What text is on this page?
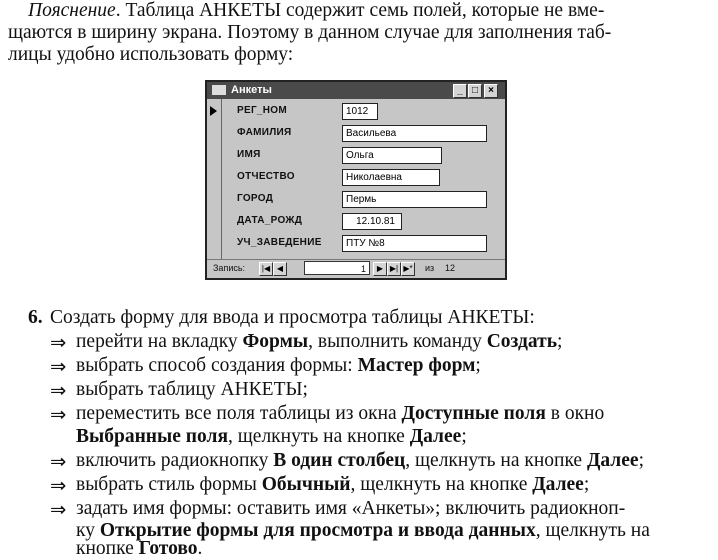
Пояснение. Таблица АНКЕТЫ содержит семь полей, которые не вме-
щаются в ширину экрана. Поэтому в данном случае для заполнения таб-
лицы удобно использовать форму:
Анкеты	_ □	×
РЕГ_НОМ	1012
ФАМИЛИЯ	Васильева
ИМЯ	Ольга
ОТЧЕСТВО	Николаевна
ГОРОД	Пермь
ДАТА_РОЖД	12.10.81
УЧ_ЗАВЕДЕНИЕ	ПТУ №8
Запись:	|◀ ◀	1	▶ ▶| ▶* из 12
6. Создать форму для ввода и просмотра таблицы АНКЕТЫ:
⇒ перейти на вкладку Формы, выполнить команду Создать;
⇒ выбрать способ создания формы: Мастер форм;
⇒ выбрать таблицу АНКЕТЫ;
⇒ переместить все поля таблицы из окна Доступные поля в окно
Выбранные поля, щелкнуть на кнопке Далее;
⇒ включить радиокнопку В один столбец, щелкнуть на кнопке Далее;
⇒ выбрать стиль формы Обычный, щелкнуть на кнопке Далее;
⇒ задать имя формы: оставить имя «Анкеты»; включить радиокноп-
ку Открытие формы для просмотра и ввода данных, щелкнуть на
кнопке Готово.
